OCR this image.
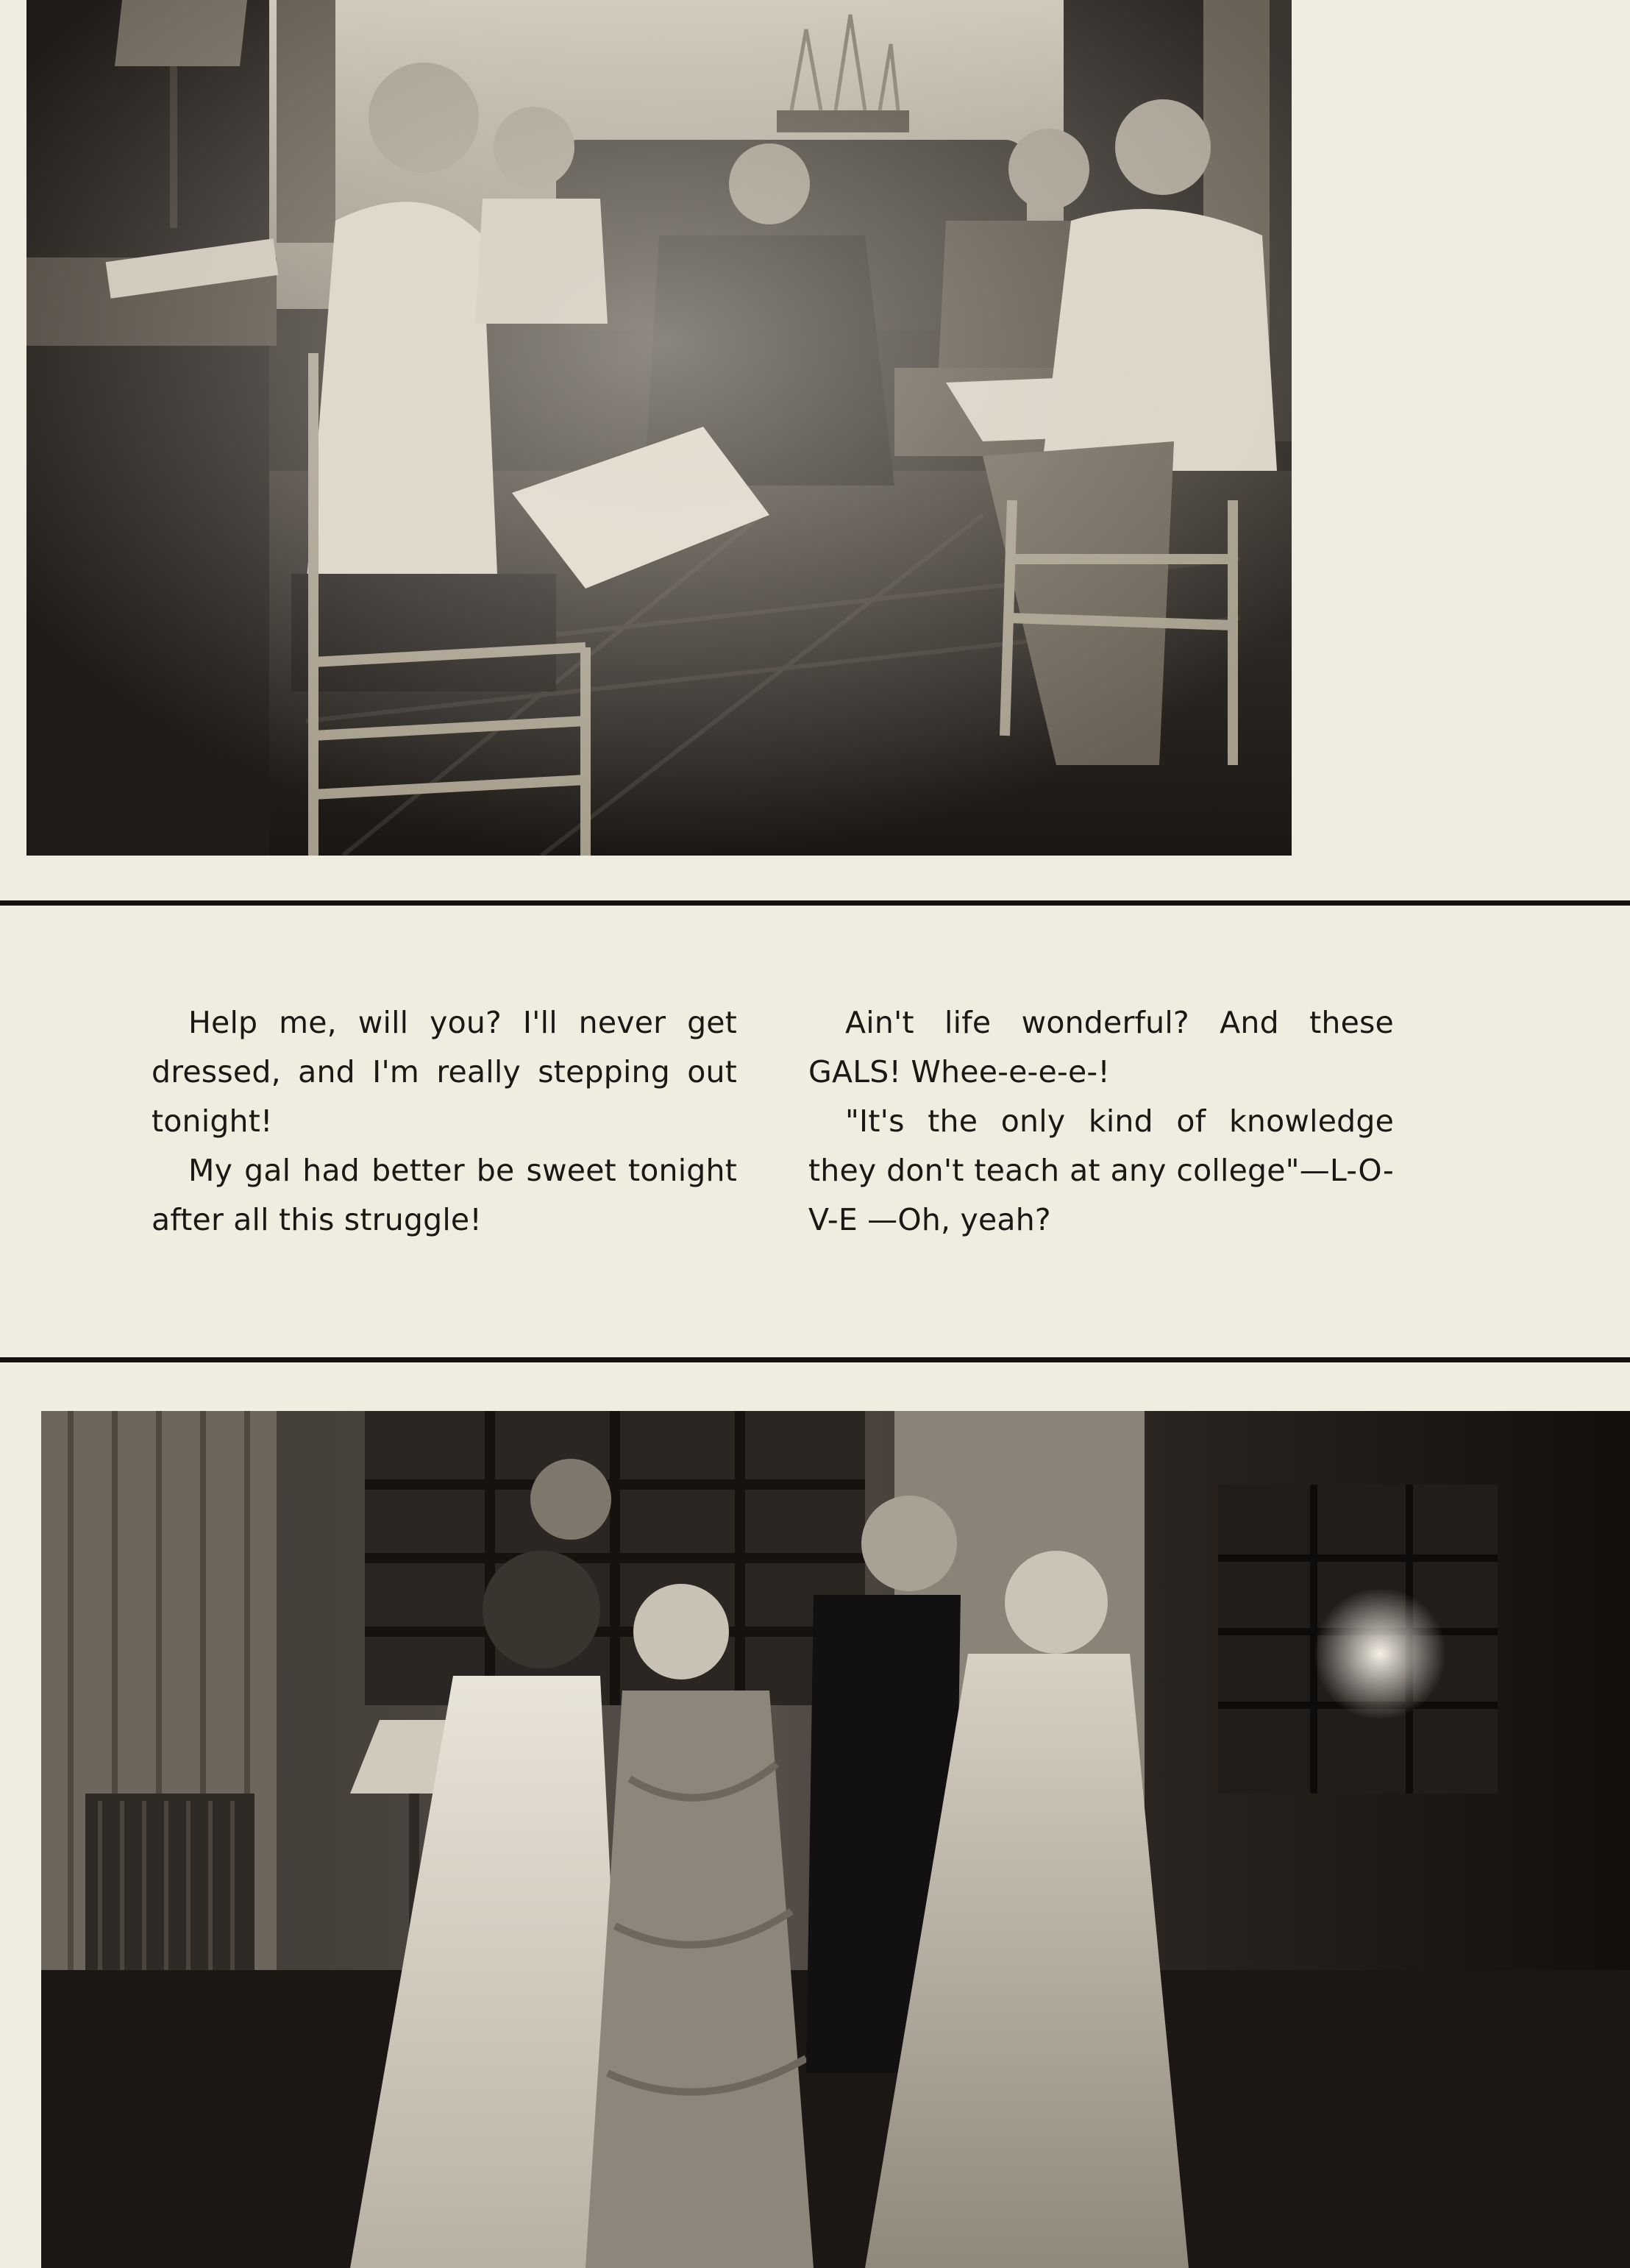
Help me, will you? I'll never get dressed, and I'm really stepping out tonight!

My gal had better be sweet tonight after all this struggle!

Ain't life wonderful? And these GALS! Whee-e-e-e-!

"It's the only kind of knowledge they don't teach at any college"—L-O-V-E —Oh, yeah?
